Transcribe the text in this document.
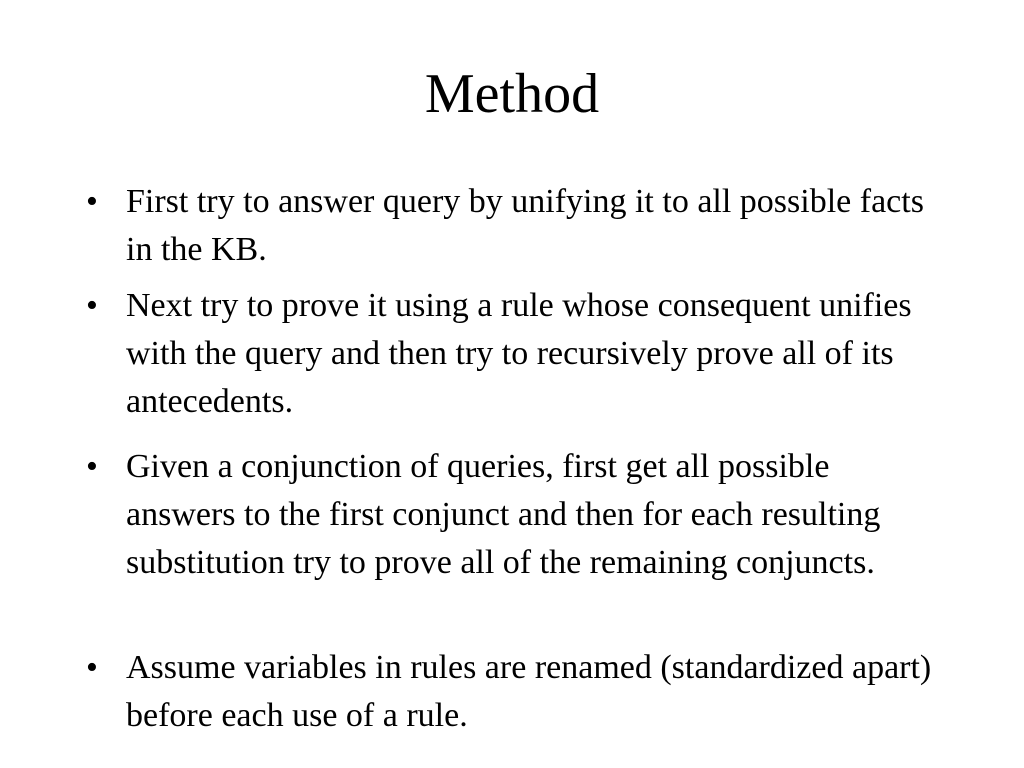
Method
• First try to answer query by unifying it to all possible facts in the KB.
• Next try to prove it using a rule whose consequent unifies with the query and then try to recursively prove all of its antecedents.
• Given a conjunction of queries, first get all possible answers to the first conjunct and then for each resulting substitution try to prove all of the remaining conjuncts.
• Assume variables in rules are renamed (standardized apart) before each use of a rule.
